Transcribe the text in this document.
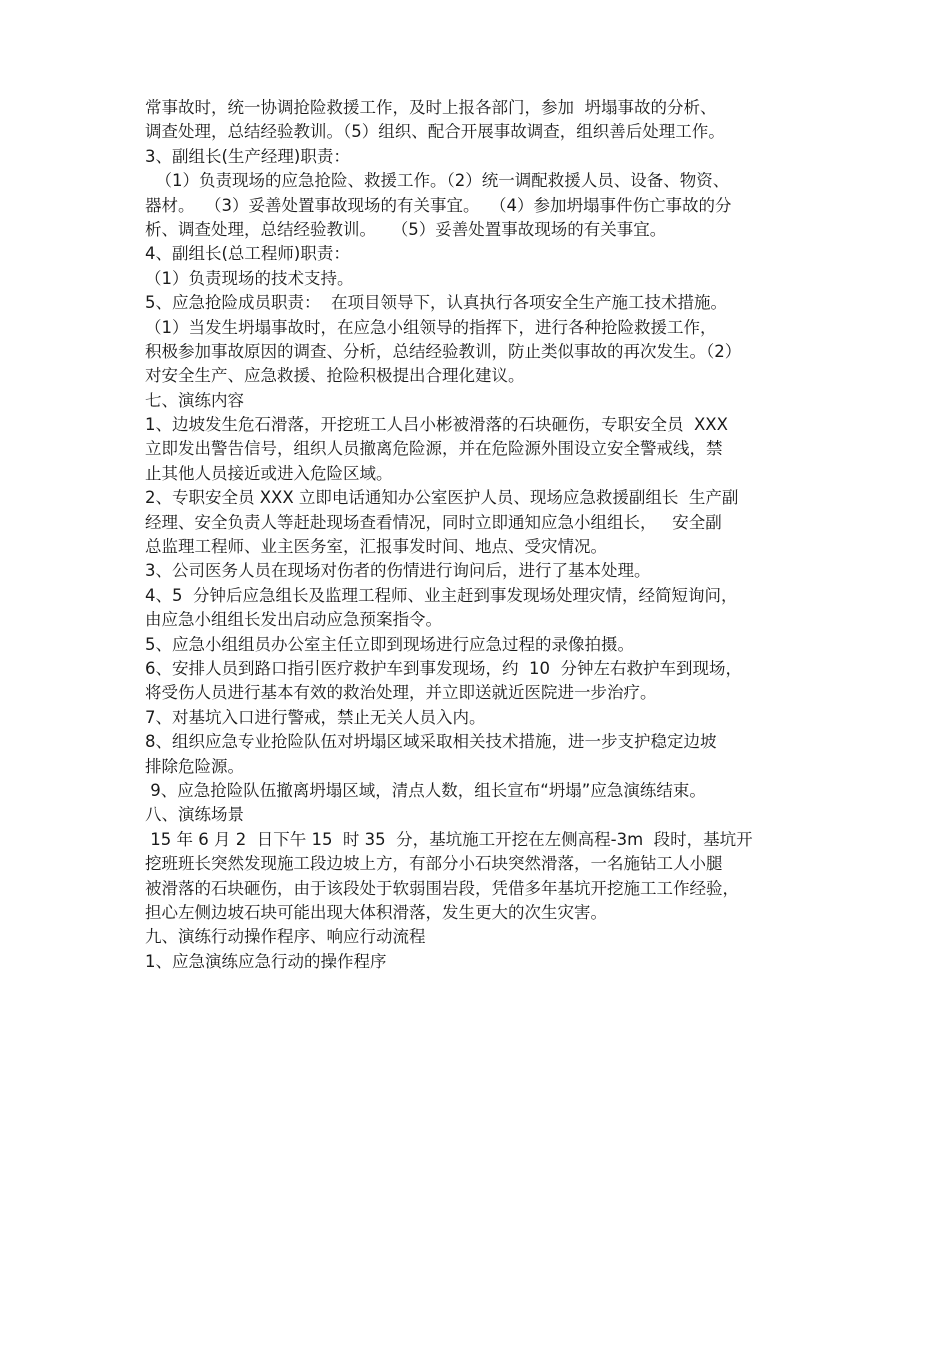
常事故时，统一协调抢险救援工作，及时上报各部门，参加  坍塌事故的分析、
调查处理，总结经验教训。（5）组织、配合开展事故调查，组织善后处理工作。
3、副组长(生产经理)职责：
（1）负责现场的应急抢险、救援工作。（2）统一调配救援人员、设备、物资、
器材。  （3）妥善处置事故现场的有关事宜。  （4）参加坍塌事件伤亡事故的分
析、调查处理，总结经验教训。   （5）妥善处置事故现场的有关事宜。
4、副组长(总工程师)职责：
（1）负责现场的技术支持。
5、应急抢险成员职责：  在项目领导下，认真执行各项安全生产施工技术措施。
（1）当发生坍塌事故时，在应急小组领导的指挥下，进行各种抢险救援工作，
积极参加事故原因的调查、分析，总结经验教训，防止类似事故的再次发生。（2）
对安全生产、应急救援、抢险积极提出合理化建议。
七、演练内容
1、边坡发生危石滑落，开挖班工人吕小彬被滑落的石块砸伤，专职安全员  XXX
立即发出警告信号，组织人员撤离危险源，并在危险源外围设立安全警戒线，禁
止其他人员接近或进入危险区域。
2、专职安全员 XXX 立即电话通知办公室医护人员、现场应急救援副组长  生产副
经理、安全负责人等赶赴现场查看情况，同时立即通知应急小组组长，   安全副
总监理工程师、业主医务室，汇报事发时间、地点、受灾情况。
3、公司医务人员在现场对伤者的伤情进行询问后，进行了基本处理。
4、5  分钟后应急组长及监理工程师、业主赶到事发现场处理灾情，经简短询问，
由应急小组组长发出启动应急预案指令。
5、应急小组组员办公室主任立即到现场进行应急过程的录像拍摄。
6、安排人员到路口指引医疗救护车到事发现场，约  10  分钟左右救护车到现场，
将受伤人员进行基本有效的救治处理，并立即送就近医院进一步治疗。
7、对基坑入口进行警戒，禁止无关人员入内。
8、组织应急专业抢险队伍对坍塌区域采取相关技术措施，进一步支护稳定边坡
排除危险源。
9、应急抢险队伍撤离坍塌区域，清点人数，组长宣布“坍塌”应急演练结束。
八、演练场景
15 年 6 月 2  日下午 15  时 35  分，基坑施工开挖在左侧高程-3m  段时，基坑开
挖班班长突然发现施工段边坡上方，有部分小石块突然滑落，一名施钻工人小腿
被滑落的石块砸伤，由于该段处于软弱围岩段，凭借多年基坑开挖施工工作经验，
担心左侧边坡石块可能出现大体积滑落，发生更大的次生灾害。
九、演练行动操作程序、响应行动流程
1、应急演练应急行动的操作程序
